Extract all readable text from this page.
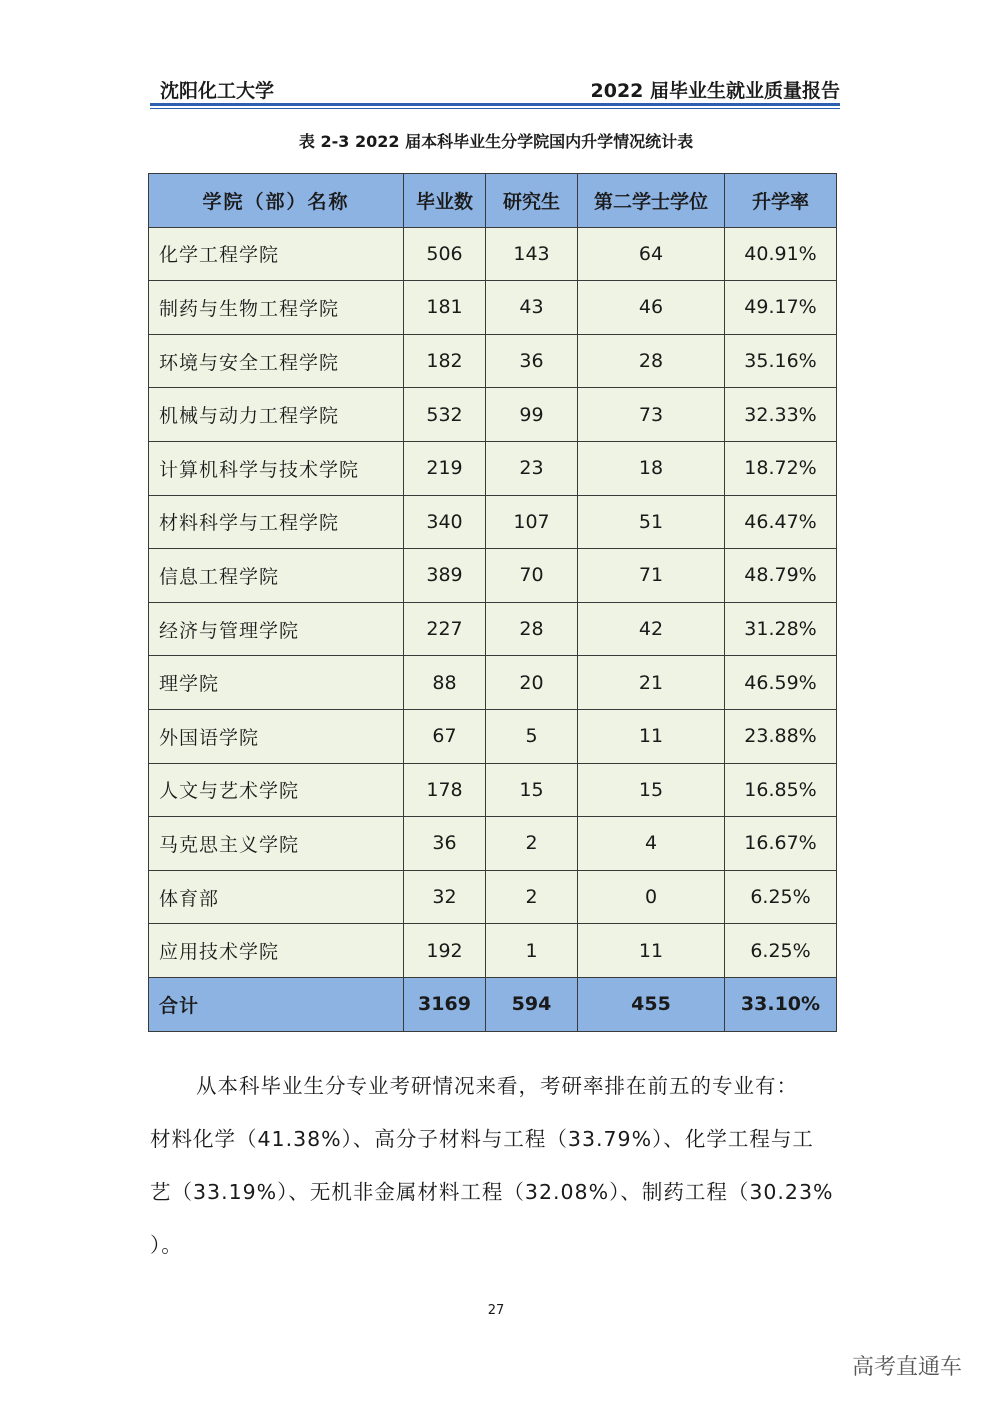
沈阳化工大学	2022 届毕业生就业质量报告
表 2-3 2022 届本科毕业生分学院国内升学情况统计表
学院（部）名称	毕业数	研究生	第二学士学位	升学率
化学工程学院	506	143	64	40.91%
制药与生物工程学院	181	43	46	49.17%
环境与安全工程学院	182	36	28	35.16%
机械与动力工程学院	532	99	73	32.33%
计算机科学与技术学院	219	23	18	18.72%
材料科学与工程学院	340	107	51	46.47%
信息工程学院	389	70	71	48.79%
经济与管理学院	227	28	42	31.28%
理学院	88	20	21	46.59%
外国语学院	67	5	11	23.88%
人文与艺术学院	178	15	15	16.85%
马克思主义学院	36	2	4	16.67%
体育部	32	2	0	6.25%
应用技术学院	192	1	11	6.25%
合计	3169	594	455	33.10%

从本科毕业生分专业考研情况来看，考研率排在前五的专业有：

材料化学（41.38%）、高分子材料与工程（33.79%）、化学工程与工

艺（33.19%）、无机非金属材料工程（32.08%）、制药工程（30.23%

）。

27
高考直通车
